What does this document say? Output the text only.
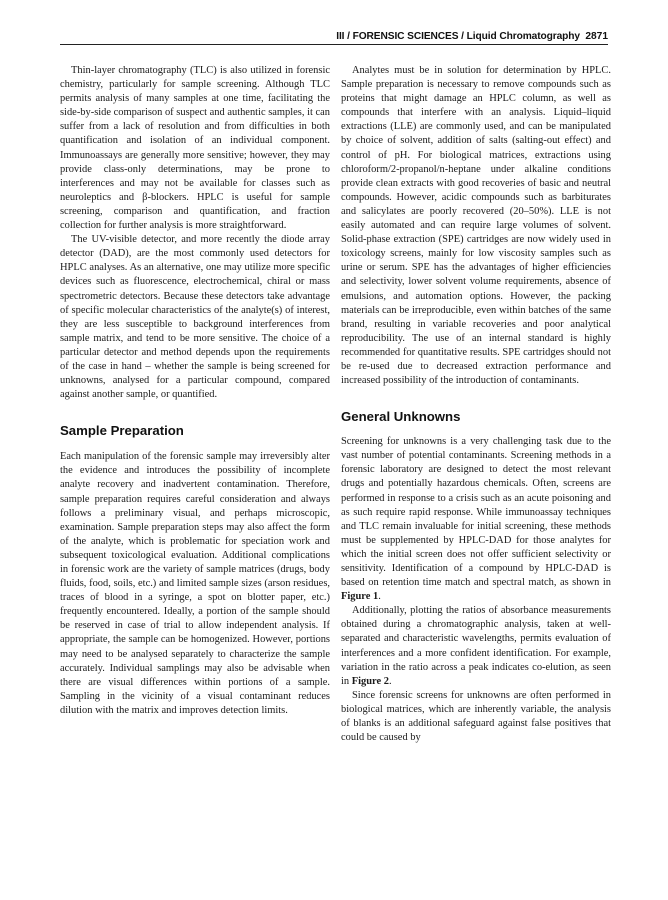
III / FORENSIC SCIENCES / Liquid Chromatography 2871

Thin-layer chromatography (TLC) is also utilized in forensic chemistry, particularly for sample screening. Although TLC permits analysis of many samples at one time, facilitating the side-by-side comparison of suspect and authentic samples, it can suffer from a lack of resolution and from difficulties in both quantification and isolation of an individual component. Immunoassays are generally more sensitive; however, they may provide class-only determinations, may be prone to interferences and may not be available for classes such as neuroleptics and β-blockers. HPLC is useful for sample screening, comparison and quantification, and fraction collection for further analysis is more straightforward.

The UV-visible detector, and more recently the diode array detector (DAD), are the most commonly used detectors for HPLC analyses. As an alternative, one may utilize more specific devices such as fluorescence, electrochemical, chiral or mass spectrometric detectors. Because these detectors take advantage of specific molecular characteristics of the analyte(s) of interest, they are less susceptible to background interferences from sample matrix, and tend to be more sensitive. The choice of a particular detector and method depends upon the requirements of the case in hand – whether the sample is being screened for unknowns, analysed for a particular compound, compared against another sample, or quantified.

Sample Preparation

Each manipulation of the forensic sample may irreversibly alter the evidence and introduces the possibility of incomplete analyte recovery and inadvertent contamination. Therefore, sample preparation requires careful consideration and always follows a preliminary visual, and perhaps microscopic, examination. Sample preparation steps may also affect the form of the analyte, which is problematic for speciation work and subsequent toxicological evaluation. Additional complications in forensic work are the variety of sample matrices (drugs, body fluids, food, soils, etc.) and limited sample sizes (arson residues, traces of blood in a syringe, a spot on blotter paper, etc.) frequently encountered. Ideally, a portion of the sample should be reserved in case of trial to allow independent analysis. If appropriate, the sample can be homogenized. However, portions may need to be analysed separately to characterize the sample accurately. Individual samplings may also be advisable when there are visual differences within portions of a sample. Sampling in the vicinity of a visual contaminant reduces dilution with the matrix and improves detection limits.

Analytes must be in solution for determination by HPLC. Sample preparation is necessary to remove compounds such as proteins that might damage an HPLC column, as well as compounds that interfere with an analysis. Liquid–liquid extractions (LLE) are commonly used, and can be manipulated by choice of solvent, addition of salts (salting-out effect) and control of pH. For biological matrices, extractions using chloroform/2-propanol/n-heptane under alkaline conditions provide clean extracts with good recoveries of basic and neutral compounds. However, acidic compounds such as barbiturates and salicylates are poorly recovered (20–50%). LLE is not easily automated and can require large volumes of solvent. Solid-phase extraction (SPE) cartridges are now widely used in toxicology screens, mainly for low viscosity samples such as urine or serum. SPE has the advantages of higher efficiencies and selectivity, lower solvent volume requirements, absence of emulsions, and automation options. However, the packing materials can be irreproducible, even within batches of the same brand, resulting in variable recoveries and poor analytical reproducibility. The use of an internal standard is highly recommended for quantitative results. SPE cartridges should not be re-used due to decreased extraction performance and increased possibility of the introduction of contaminants.

General Unknowns

Screening for unknowns is a very challenging task due to the vast number of potential contaminants. Screening methods in a forensic laboratory are designed to detect the most relevant drugs and potentially hazardous chemicals. Often, screens are performed in response to a crisis such as an acute poisoning and as such require rapid response. While immunoassay techniques and TLC remain invaluable for initial screening, these methods must be supplemented by HPLC-DAD for those analytes for which the initial screen does not offer sufficient selectivity or sensitivity. Identification of a compound by HPLC-DAD is based on retention time match and spectral match, as shown in Figure 1.

Additionally, plotting the ratios of absorbance measurements obtained during a chromatographic analysis, taken at well-separated and characteristic wavelengths, permits evaluation of interferences and a more confident identification. For example, variation in the ratio across a peak indicates co-elution, as seen in Figure 2.

Since forensic screens for unknowns are often performed in biological matrices, which are inherently variable, the analysis of blanks is an additional safeguard against false positives that could be caused by
